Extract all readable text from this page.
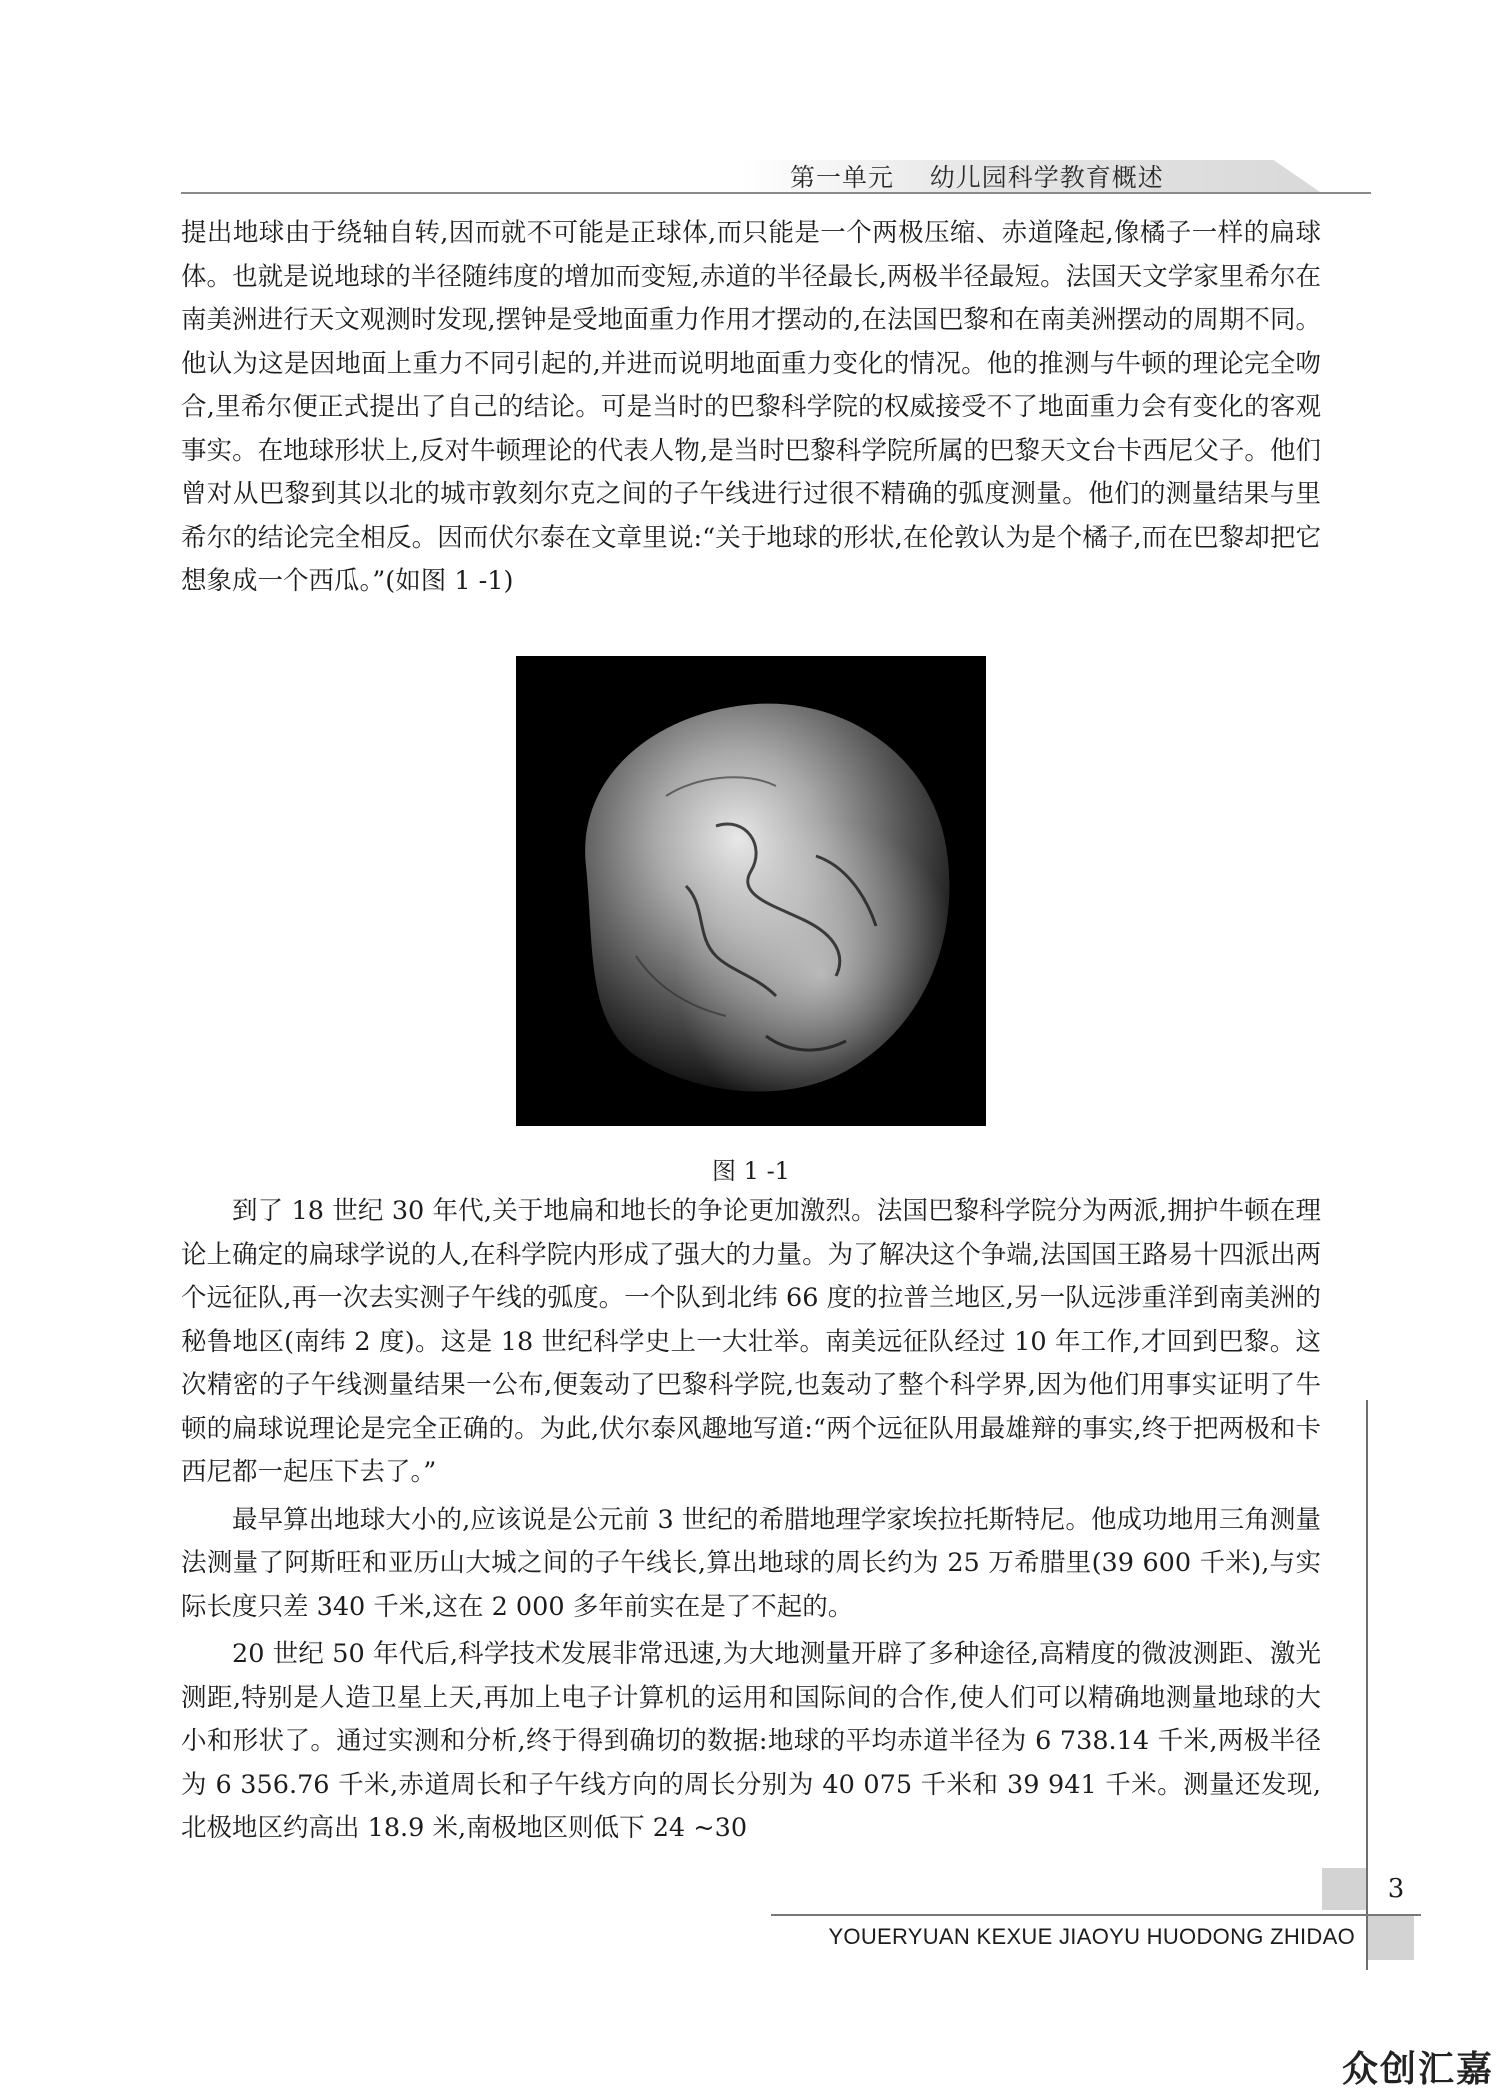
第一单元    幼儿园科学教育概述

提出地球由于绕轴自转,因而就不可能是正球体,而只能是一个两极压缩、赤道隆起,像橘子一样的扁球体。也就是说地球的半径随纬度的增加而变短,赤道的半径最长,两极半径最短。法国天文学家里希尔在南美洲进行天文观测时发现,摆钟是受地面重力作用才摆动的,在法国巴黎和在南美洲摆动的周期不同。他认为这是因地面上重力不同引起的,并进而说明地面重力变化的情况。他的推测与牛顿的理论完全吻合,里希尔便正式提出了自己的结论。可是当时的巴黎科学院的权威接受不了地面重力会有变化的客观事实。在地球形状上,反对牛顿理论的代表人物,是当时巴黎科学院所属的巴黎天文台卡西尼父子。他们曾对从巴黎到其以北的城市敦刻尔克之间的子午线进行过很不精确的弧度测量。他们的测量结果与里希尔的结论完全相反。因而伏尔泰在文章里说:“关于地球的形状,在伦敦认为是个橘子,而在巴黎却把它想象成一个西瓜。”(如图 1 -1)

图 1 -1

到了 18 世纪 30 年代,关于地扁和地长的争论更加激烈。法国巴黎科学院分为两派,拥护牛顿在理论上确定的扁球学说的人,在科学院内形成了强大的力量。为了解决这个争端,法国国王路易十四派出两个远征队,再一次去实测子午线的弧度。一个队到北纬 66 度的拉普兰地区,另一队远涉重洋到南美洲的秘鲁地区(南纬 2 度)。这是 18 世纪科学史上一大壮举。南美远征队经过 10 年工作,才回到巴黎。这次精密的子午线测量结果一公布,便轰动了巴黎科学院,也轰动了整个科学界,因为他们用事实证明了牛顿的扁球说理论是完全正确的。为此,伏尔泰风趣地写道:“两个远征队用最雄辩的事实,终于把两极和卡西尼都一起压下去了。”

最早算出地球大小的,应该说是公元前 3 世纪的希腊地理学家埃拉托斯特尼。他成功地用三角测量法测量了阿斯旺和亚历山大城之间的子午线长,算出地球的周长约为 25 万希腊里(39 600 千米),与实际长度只差 340 千米,这在 2 000 多年前实在是了不起的。

20 世纪 50 年代后,科学技术发展非常迅速,为大地测量开辟了多种途径,高精度的微波测距、激光测距,特别是人造卫星上天,再加上电子计算机的运用和国际间的合作,使人们可以精确地测量地球的大小和形状了。通过实测和分析,终于得到确切的数据:地球的平均赤道半径为 6 738.14 千米,两极半径为 6 356.76 千米,赤道周长和子午线方向的周长分别为 40 075 千米和 39 941 千米。测量还发现,北极地区约高出 18.9 米,南极地区则低下 24 ~30

3
YOUERYUAN KEXUE JIAOYU HUODONG ZHIDAO
众创汇嘉
